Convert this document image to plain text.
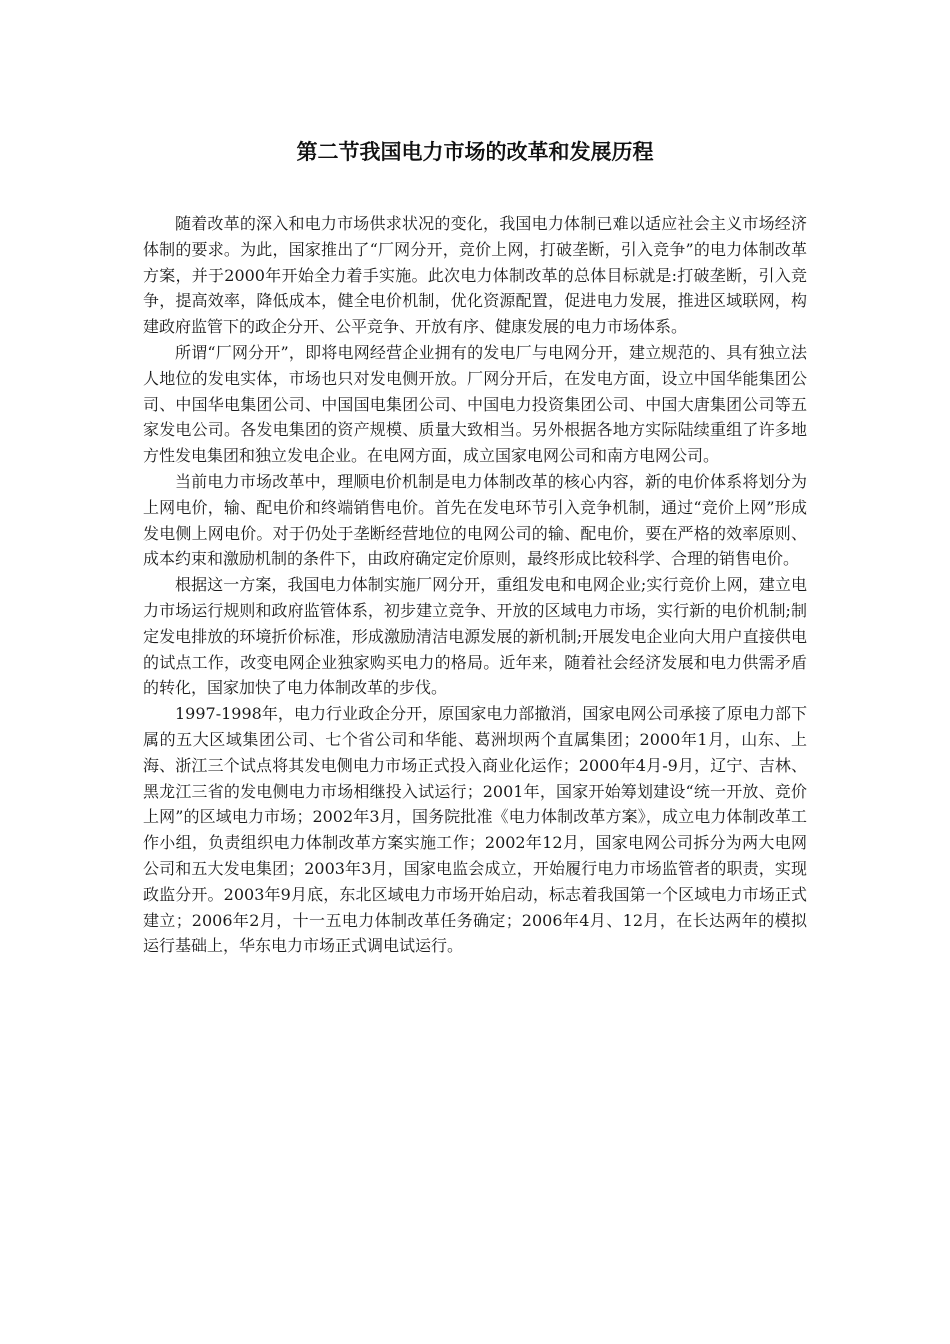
第二节我国电力市场的改革和发展历程

随着改革的深入和电力市场供求状况的变化，我国电力体制已难以适应社会主义市场经济体制的要求。为此，国家推出了“厂网分开，竞价上网，打破垄断，引入竞争”的电力体制改革方案，并于2000年开始全力着手实施。此次电力体制改革的总体目标就是:打破垄断，引入竞争，提高效率，降低成本，健全电价机制，优化资源配置，促进电力发展，推进区域联网，构建政府监管下的政企分开、公平竞争、开放有序、健康发展的电力市场体系。

所谓“厂网分开”，即将电网经营企业拥有的发电厂与电网分开，建立规范的、具有独立法人地位的发电实体，市场也只对发电侧开放。厂网分开后，在发电方面，设立中国华能集团公司、中国华电集团公司、中国国电集团公司、中国电力投资集团公司、中国大唐集团公司等五家发电公司。各发电集团的资产规模、质量大致相当。另外根据各地方实际陆续重组了许多地方性发电集团和独立发电企业。在电网方面，成立国家电网公司和南方电网公司。

当前电力市场改革中，理顺电价机制是电力体制改革的核心内容，新的电价体系将划分为上网电价，输、配电价和终端销售电价。首先在发电环节引入竞争机制，通过“竞价上网”形成发电侧上网电价。对于仍处于垄断经营地位的电网公司的输、配电价，要在严格的效率原则、成本约束和激励机制的条件下，由政府确定定价原则，最终形成比较科学、合理的销售电价。

根据这一方案，我国电力体制实施厂网分开，重组发电和电网企业;实行竞价上网，建立电力市场运行规则和政府监管体系，初步建立竞争、开放的区域电力市场，实行新的电价机制;制定发电排放的环境折价标准，形成激励清洁电源发展的新机制;开展发电企业向大用户直接供电的试点工作，改变电网企业独家购买电力的格局。近年来，随着社会经济发展和电力供需矛盾的转化，国家加快了电力体制改革的步伐。

1997-1998年，电力行业政企分开，原国家电力部撤消，国家电网公司承接了原电力部下属的五大区域集团公司、七个省公司和华能、葛洲坝两个直属集团；2000年1月，山东、上海、浙江三个试点将其发电侧电力市场正式投入商业化运作；2000年4月-9月，辽宁、吉林、黑龙江三省的发电侧电力市场相继投入试运行；2001年，国家开始筹划建设“统一开放、竞价上网”的区域电力市场；2002年3月，国务院批准《电力体制改革方案》，成立电力体制改革工作小组，负责组织电力体制改革方案实施工作；2002年12月，国家电网公司拆分为两大电网公司和五大发电集团；2003年3月，国家电监会成立，开始履行电力市场监管者的职责，实现政监分开。2003年9月底，东北区域电力市场开始启动，标志着我国第一个区域电力市场正式建立；2006年2月，十一五电力体制改革任务确定；2006年4月、12月，在长达两年的模拟运行基础上，华东电力市场正式调电试运行。
